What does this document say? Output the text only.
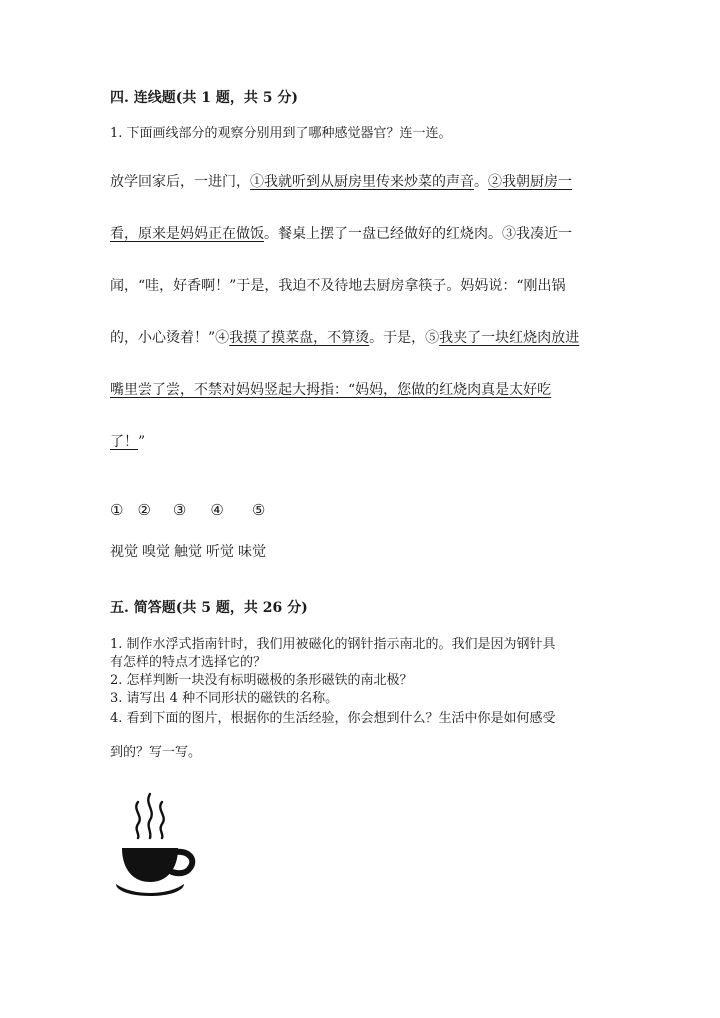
四. 连线题(共 1 题，共 5 分)
1. 下面画线部分的观察分别用到了哪种感觉器官？连一连。
放学回家后，一进门，①我就听到从厨房里传来炒菜的声音。②我朝厨房一
看，原来是妈妈正在做饭。餐桌上摆了一盘已经做好的红烧肉。③我凑近一
闻，“哇，好香啊！”于是，我迫不及待地去厨房拿筷子。妈妈说：“刚出锅
的，小心烫着！”④我摸了摸菜盘，不算烫。于是，⑤我夹了一块红烧肉放进
嘴里尝了尝，不禁对妈妈竖起大拇指：“妈妈，您做的红烧肉真是太好吃
了！”
① ② ③ ④ ⑤
视觉 嗅觉 触觉 听觉 味觉
五. 简答题(共 5 题，共 26 分)
1. 制作水浮式指南针时，我们用被磁化的钢针指示南北的。我们是因为钢针具
有怎样的特点才选择它的？
2. 怎样判断一块没有标明磁极的条形磁铁的南北极？
3. 请写出 4 种不同形状的磁铁的名称。
4. 看到下面的图片，根据你的生活经验，你会想到什么？生活中你是如何感受
到的？写一写。
